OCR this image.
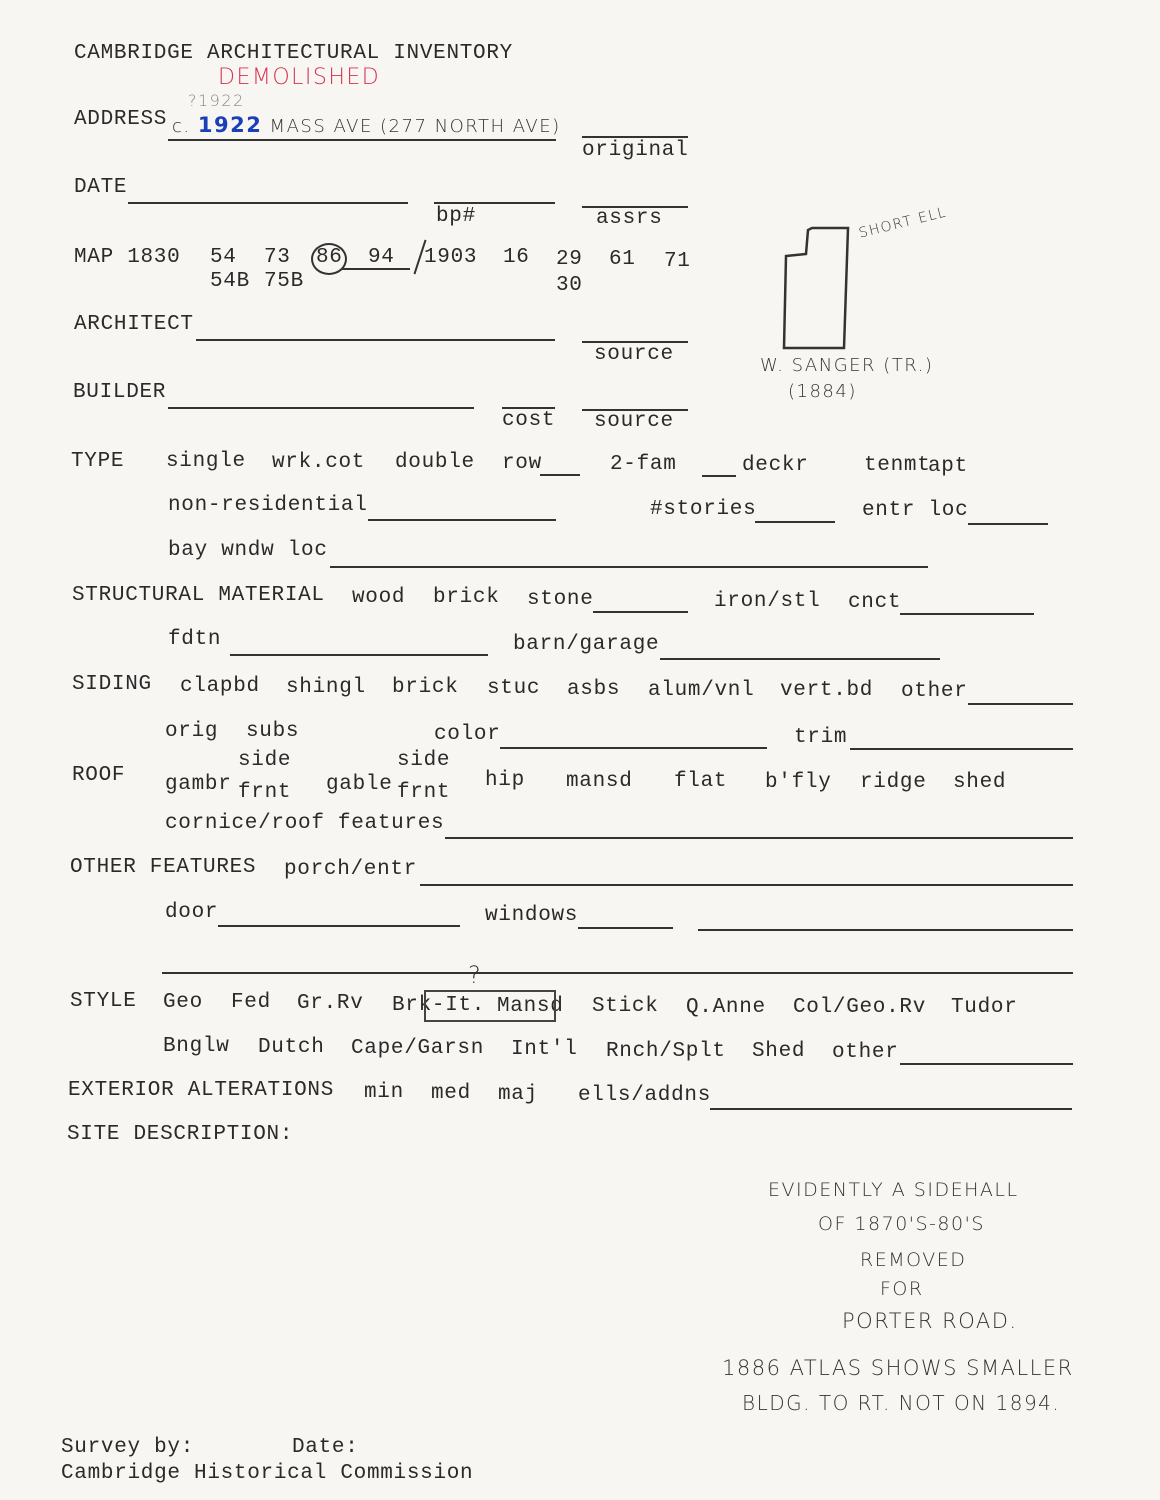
CAMBRIDGE ARCHITECTURAL INVENTORY
DEMOLISHED
?1922
ADDRESS c. 1922 MASS AVE (277 NORTH AVE)
original
DATE
bp#	assrs
MAP 1830 54 73 86 94 1903 16 29 61 71
54B 75B	30
SHORT ELL
W. SANGER (TR.)
(1884)
ARCHITECT
source
BUILDER
cost source
TYPE single wrk.cot double row	2-fam	deckr	tenmt
apt
non-residential	#stories	entr loc
bay wndw loc
STRUCTURAL MATERIAL wood brick stone	iron/stl cnct
fdtn	barn/garage
SIDING clapbd shingl brick stuc asbs alum/vnl vert.bd other
orig subs	color	trim
ROOF gambr
side
frnt gable
side
frnt
hip mansd flat b'fly ridge shed
cornice/roof features
OTHER FEATURES porch/entr
door	windows
STYLE Geo Fed Gr.Rv Brk-It. Mansd
?
Stick Q.Anne Col/Geo.Rv Tudor
Bnglw Dutch Cape/Garsn Int'l Rnch/Splt Shed other
EXTERIOR ALTERATIONS min med maj ells/addns
SITE DESCRIPTION:
EVIDENTLY A SIDEHALL
OF 1870'S-80'S
REMOVED
FOR
PORTER ROAD.
1886 ATLAS SHOWS SMALLER
BLDG. TO RT. NOT ON 1894.
Survey by:	Date:
Cambridge Historical Commission
